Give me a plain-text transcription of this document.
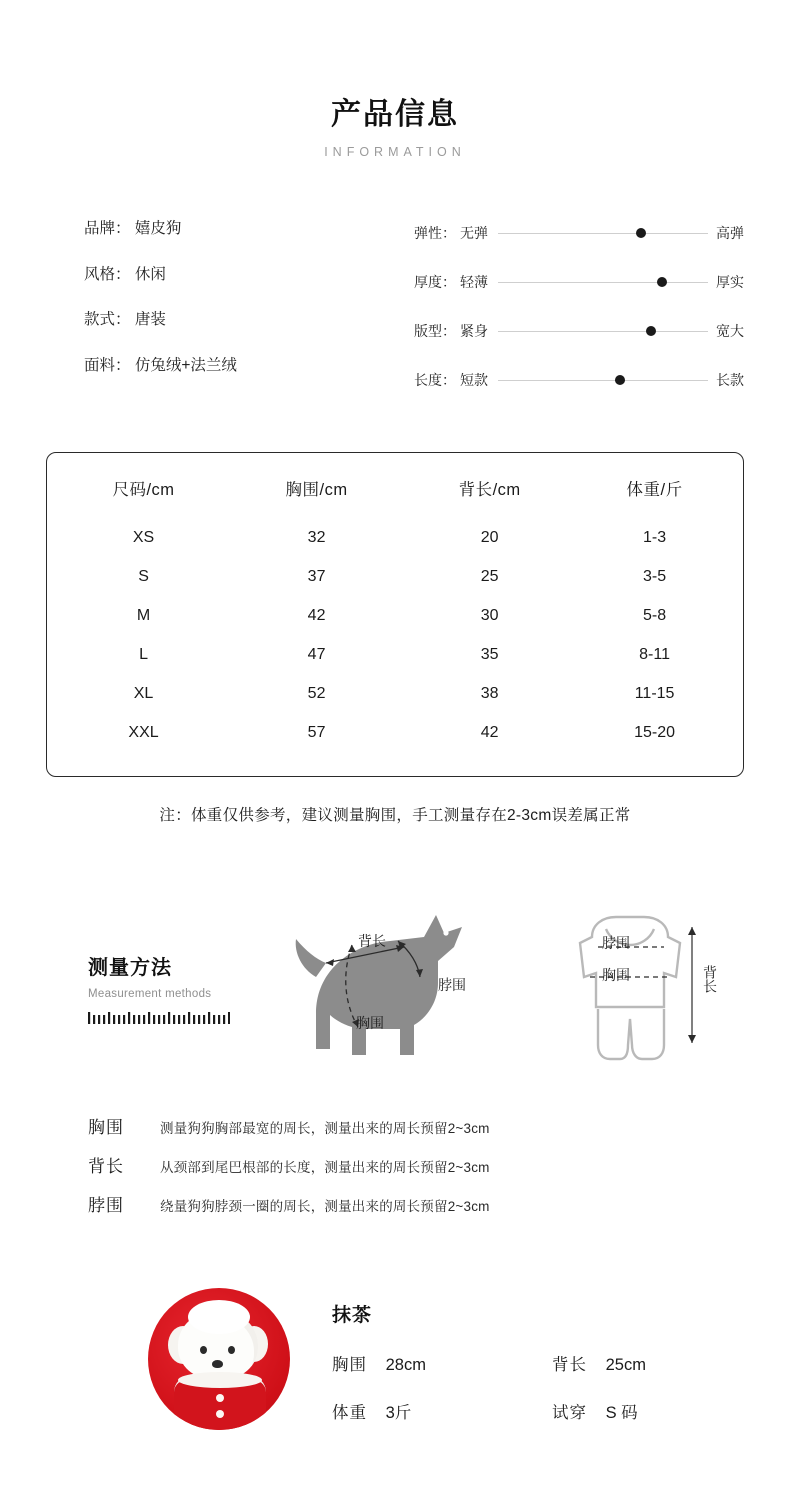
产品信息
INFORMATION
品牌： 嬉皮狗
风格： 休闲
款式： 唐装
面料： 仿兔绒+法兰绒
弹性： 无弹	高弹
厚度： 轻薄	厚实
版型： 紧身	宽大
长度： 短款	长款
尺码/cm	胸围/cm	背长/cm	体重/斤
XS	32	20	1-3
S	37	25	3-5
M	42	30	5-8
L	47	35	8-11
XL	52	38	11-15
XXL	57	42	15-20
注：体重仅供参考，建议测量胸围，手工测量存在2-3cm误差属正常
测量方法
Measurement methods
背长
脖围
胸围
脖围
胸围	背长
胸围	测量狗狗胸部最宽的周长，测量出来的周长预留2~3cm
背长	从颈部到尾巴根部的长度，测量出来的周长预留2~3cm
脖围	绕量狗狗脖颈一圈的周长，测量出来的周长预留2~3cm
抹茶
胸围 28cm	背长 25cm
体重 3斤	试穿 S 码
